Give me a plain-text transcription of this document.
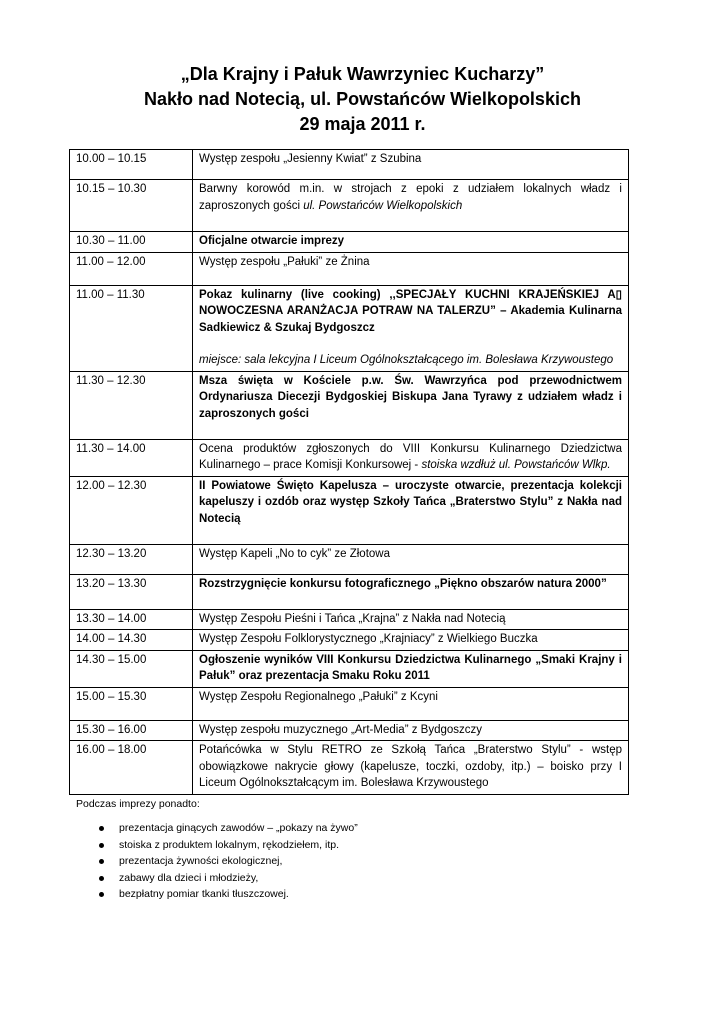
„Dla Krajny i Pałuk Wawrzyniec Kucharzy”
Nakło nad Notecią, ul. Powstańców Wielkopolskich
29 maja 2011 r.
10.00 – 10.15	Występ zespołu „Jesienny Kwiat” z Szubina
10.15 – 10.30	Barwny korowód m.in. w strojach z epoki z udziałem lokalnych władz i zaproszonych gości ul. Powstańców Wielkopolskich
10.30 – 11.00	Oficjalne otwarcie imprezy
11.00 – 12.00	Występ zespołu „Pałuki” ze Żnina
11.00 – 11.30	Pokaz kulinarny (live cooking) ,,SPECJAŁY KUCHNI KRAJEŃSKIEJ A▯ NOWOCZESNA ARANŻACJA POTRAW NA TALERZU” – Akademia Kulinarna Sadkiewicz & Szukaj Bydgoszcz
miejsce: sala lekcyjna I Liceum Ogólnokształcącego im. Bolesława Krzywoustego
11.30 – 12.30	Msza święta w Kościele p.w. Św. Wawrzyńca pod przewodnictwem Ordynariusza Diecezji Bydgoskiej Biskupa Jana Tyrawy z udziałem władz i zaproszonych gości
11.30 – 14.00	Ocena produktów zgłoszonych do VIII Konkursu Kulinarnego Dziedzictwa Kulinarnego – prace Komisji Konkursowej - stoiska wzdłuż ul. Powstańców Wlkp.
12.00 – 12.30	II Powiatowe Święto Kapelusza – uroczyste otwarcie, prezentacja kolekcji kapeluszy i ozdób oraz występ Szkoły Tańca „Braterstwo Stylu” z Nakła nad Notecią
12.30 – 13.20	Występ Kapeli „No to cyk” ze Złotowa
13.20 – 13.30	Rozstrzygnięcie konkursu fotograficznego „Piękno obszarów natura 2000”
13.30 – 14.00	Występ Zespołu Pieśni i Tańca „Krajna” z Nakła nad Notecią
14.00 – 14.30	Występ Zespołu Folklorystycznego „Krajniacy” z Wielkiego Buczka
14.30 – 15.00	Ogłoszenie wyników VIII Konkursu Dziedzictwa Kulinarnego „Smaki Krajny i Pałuk” oraz prezentacja Smaku Roku 2011
15.00 – 15.30	Występ Zespołu Regionalnego „Pałuki” z Kcyni
15.30 – 16.00	Występ zespołu muzycznego „Art-Media” z Bydgoszczy
16.00 – 18.00	Potańcówka w Stylu RETRO ze Szkołą Tańca „Braterstwo Stylu” - wstęp obowiązkowe nakrycie głowy (kapelusze, toczki, ozdoby, itp.) – boisko przy I Liceum Ogólnokształcącym im. Bolesława Krzywoustego
Podczas imprezy ponadto:
prezentacja ginących zawodów – „pokazy na żywo”
stoiska z produktem lokalnym, rękodziełem, itp.
prezentacja żywności ekologicznej,
zabawy dla dzieci i młodzieży,
bezpłatny pomiar tkanki tłuszczowej.
